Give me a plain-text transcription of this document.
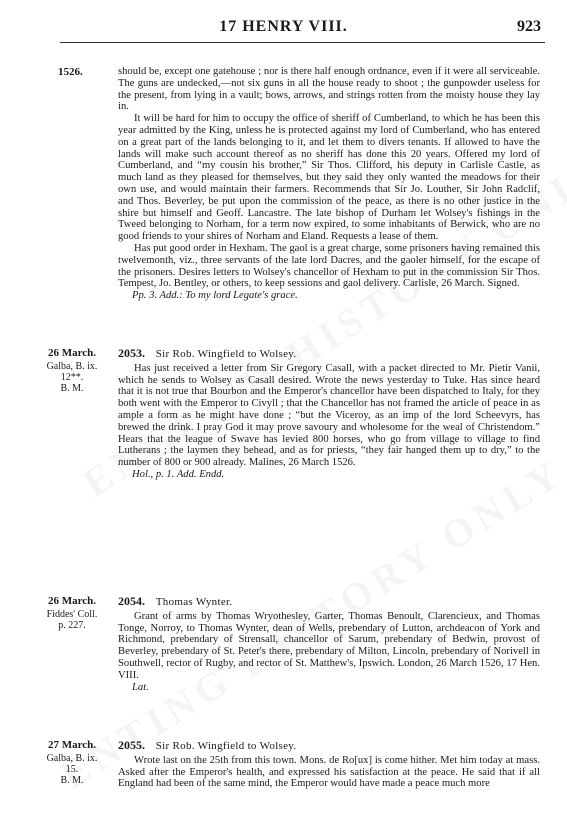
17 HENRY VIII.	923
1526.	should be, except one gatehouse ; nor is there half enough ordnance, even if it were all serviceable. The guns are undecked,—not six guns in all the house ready to shoot ; the gunpowder useless for the present, from lying in a vault; bows, arrows, and strings rotten from the moisty house they lay in.

It will be hard for him to occupy the office of sheriff of Cumberland, to which he has been this year admitted by the King, unless he is protected against my lord of Cumberland, who has entered on a great part of the lands belonging to it, and let them to divers tenants. If allowed to have the lands will make such account thereof as no sheriff has done this 20 years. Offered my lord of Cumberland, and “my cousin his brother,” Sir Thos. Clifford, his deputy in Carlisle Castle, as much land as they pleased for themselves, but they said they only wanted the meadows for their own use, and would maintain their farmers. Recommends that Sir Jo. Louther, Sir John Radclif, and Thos. Beverley, be put upon the commission of the peace, as there is no other justice in the shire but himself and Geoff. Lancastre. The late bishop of Durham let Wolsey's fishings in the Tweed belonging to Norham, for a term now expired, to some inhabitants of Berwick, who are no good friends to your shires of Norham and Eland. Requests a lease of them.

Has put good order in Hexham. The gaol is a great charge, some prisoners having remained this twelvemonth, viz., three servants of the late lord Dacres, and the gaoler himself, for the escape of the prisoners. Desires letters to Wolsey's chancellor of Hexham to put in the commission Sir Thos. Tempest, Jo. Bentley, or others, to keep sessions and gaol delivery. Carlisle, 26 March. Signed.

Pp. 3. Add.: To my lord Legate's grace.
26 March.
Galba, B. ix.
12**.
B. M.
2053. Sir Rob. Wingfield to Wolsey.

Has just received a letter from Sir Gregory Casall, with a packet directed to Mr. Pietir Vanii, which he sends to Wolsey as Casall desired. Wrote the news yesterday to Tuke. Has since heard that it is not true that Bourbon and the Emperor's chancellor have been dispatched to Italy, for they both went with the Emperor to Civyll ; that the Chancellor has not framed the article of peace in as ample a form as he might have done ; “but the Viceroy, as an imp of the lord Scheevyrs, has brewed the drink. I pray God it may prove savoury and wholesome for the weal of Christendom.” Hears that the league of Swave has levied 800 horses, who go from village to village to find Lutherans ; the laymen they behead, and as for priests, “they fair hanged them up to dry,” to the number of 800 or 900 already. Malines, 26 March 1526.

Hol., p. 1. Add. Endd.
26 March.
Fiddes' Coll.
p. 227.
2054. Thomas Wynter.

Grant of arms by Thomas Wryothesley, Garter, Thomas Benoult, Clarencieux, and Thomas Tonge, Norroy, to Thomas Wynter, dean of Wells, prebendary of Lutton, archdeacon of York and Richmond, prebendary of Strensall, chancellor of Sarum, prebendary of Bedwin, provost of Beverley, prebendary of St. Peter's there, prebendary of Milton, Lincoln, prebendary of Norivell in Southwell, rector of Rugby, and rector of St. Matthew's, Ipswich. London, 26 March 1526, 17 Hen. VIII.

Lat.
27 March.
Galba, B. ix.
15.
B. M.
2055. Sir Rob. Wingfield to Wolsey.

Wrote last on the 25th from this town. Mons. de Ro[ux] is come hither. Met him today at mass. Asked after the Emperor's health, and expressed his satisfaction at the peace. He said that if all England had been of the same mind, the Emperor would have made a peace much more
